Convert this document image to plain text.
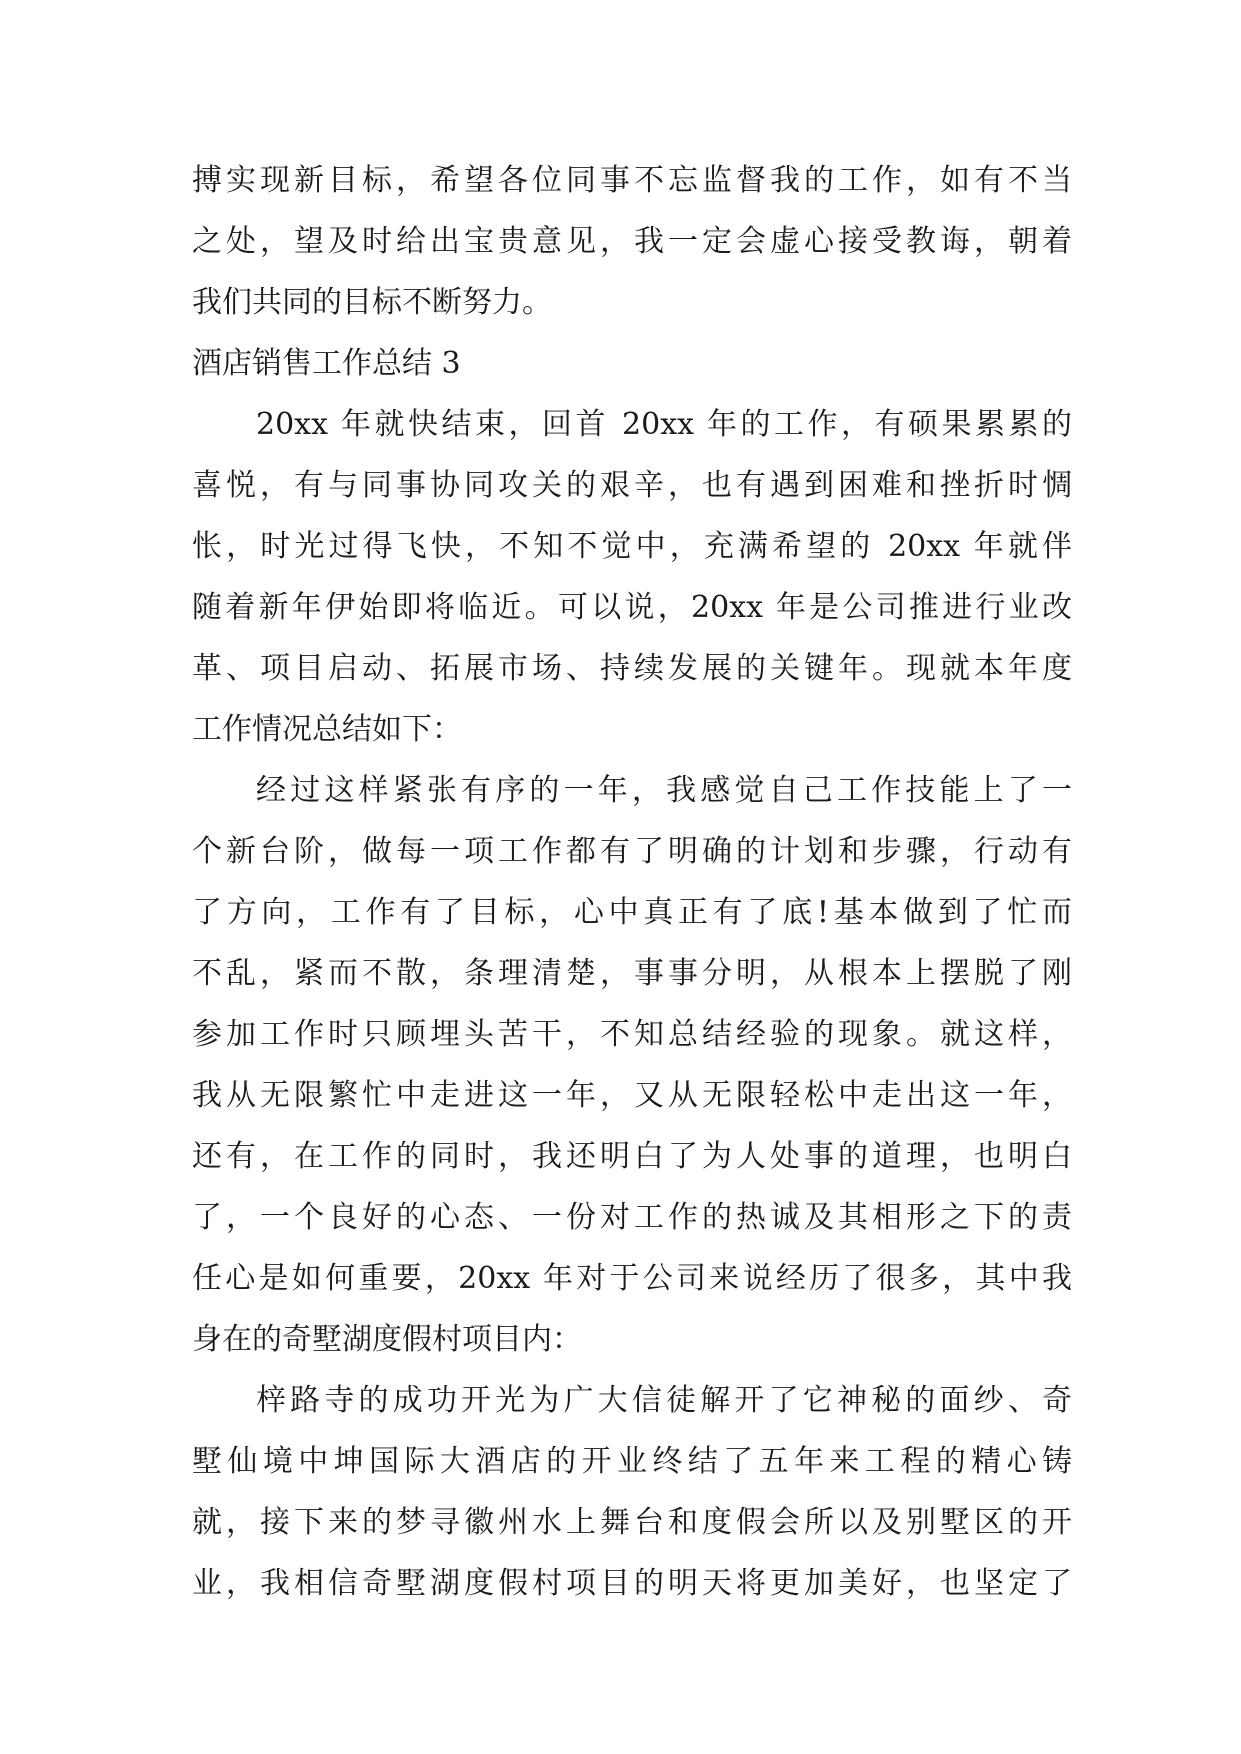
搏实现新目标，希望各位同事不忘监督我的工作，如有不当
之处，望及时给出宝贵意见，我一定会虚心接受教诲，朝着
我们共同的目标不断努力。
酒店销售工作总结 3
20xx 年就快结束，回首 20xx 年的工作，有硕果累累的
喜悦，有与同事协同攻关的艰辛，也有遇到困难和挫折时惆
怅，时光过得飞快，不知不觉中，充满希望的 20xx 年就伴
随着新年伊始即将临近。可以说，20xx 年是公司推进行业改
革、项目启动、拓展市场、持续发展的关键年。现就本年度
工作情况总结如下：
经过这样紧张有序的一年，我感觉自己工作技能上了一
个新台阶，做每一项工作都有了明确的计划和步骤，行动有
了方向，工作有了目标，心中真正有了底!基本做到了忙而
不乱，紧而不散，条理清楚，事事分明，从根本上摆脱了刚
参加工作时只顾埋头苦干，不知总结经验的现象。就这样，
我从无限繁忙中走进这一年，又从无限轻松中走出这一年，
还有，在工作的同时，我还明白了为人处事的道理，也明白
了，一个良好的心态、一份对工作的热诚及其相形之下的责
任心是如何重要，20xx 年对于公司来说经历了很多，其中我
身在的奇墅湖度假村项目内：
梓路寺的成功开光为广大信徒解开了它神秘的面纱、奇
墅仙境中坤国际大酒店的开业终结了五年来工程的精心铸
就，接下来的梦寻徽州水上舞台和度假会所以及别墅区的开
业，我相信奇墅湖度假村项目的明天将更加美好，也坚定了
